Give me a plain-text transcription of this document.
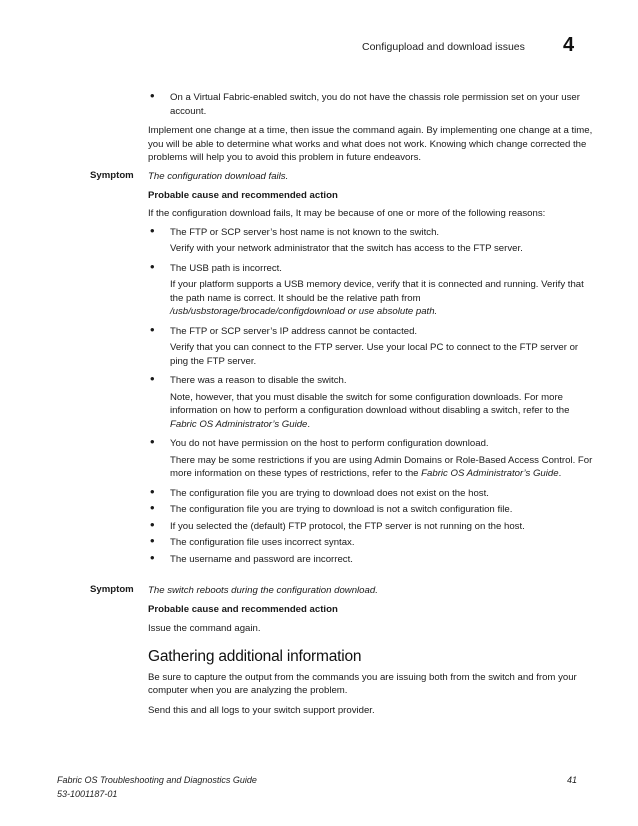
Configupload and download issues	4

• On a Virtual Fabric-enabled switch, you do not have the chassis role permission set on your user account.

Implement one change at a time, then issue the command again. By implementing one change at a time, you will be able to determine what works and what does not work. Knowing which change corrected the problems will help you to avoid this problem in future endeavors.

Symptom The configuration download fails.

Probable cause and recommended action

If the configuration download fails, It may be because of one or more of the following reasons:

• The FTP or SCP server’s host name is not known to the switch.

Verify with your network administrator that the switch has access to the FTP server.

• The USB path is incorrect.

If your platform supports a USB memory device, verify that it is connected and running. Verify that the path name is correct. It should be the relative path from /usb/usbstorage/brocade/configdownload or use absolute path.

• The FTP or SCP server’s IP address cannot be contacted.

Verify that you can connect to the FTP server. Use your local PC to connect to the FTP server or ping the FTP server.

• There was a reason to disable the switch.

Note, however, that you must disable the switch for some configuration downloads. For more information on how to perform a configuration download without disabling a switch, refer to the Fabric OS Administrator’s Guide.

• You do not have permission on the host to perform configuration download.

There may be some restrictions if you are using Admin Domains or Role-Based Access Control. For more information on these types of restrictions, refer to the Fabric OS Administrator’s Guide.

• The configuration file you are trying to download does not exist on the host.

• The configuration file you are trying to download is not a switch configuration file.

• If you selected the (default) FTP protocol, the FTP server is not running on the host.

• The configuration file uses incorrect syntax.

• The username and password are incorrect.

Symptom The switch reboots during the configuration download.

Probable cause and recommended action

Issue the command again.

Gathering additional information

Be sure to capture the output from the commands you are issuing both from the switch and from your computer when you are analyzing the problem.

Send this and all logs to your switch support provider.

Fabric OS Troubleshooting and Diagnostics Guide
53-1001187-01
41
